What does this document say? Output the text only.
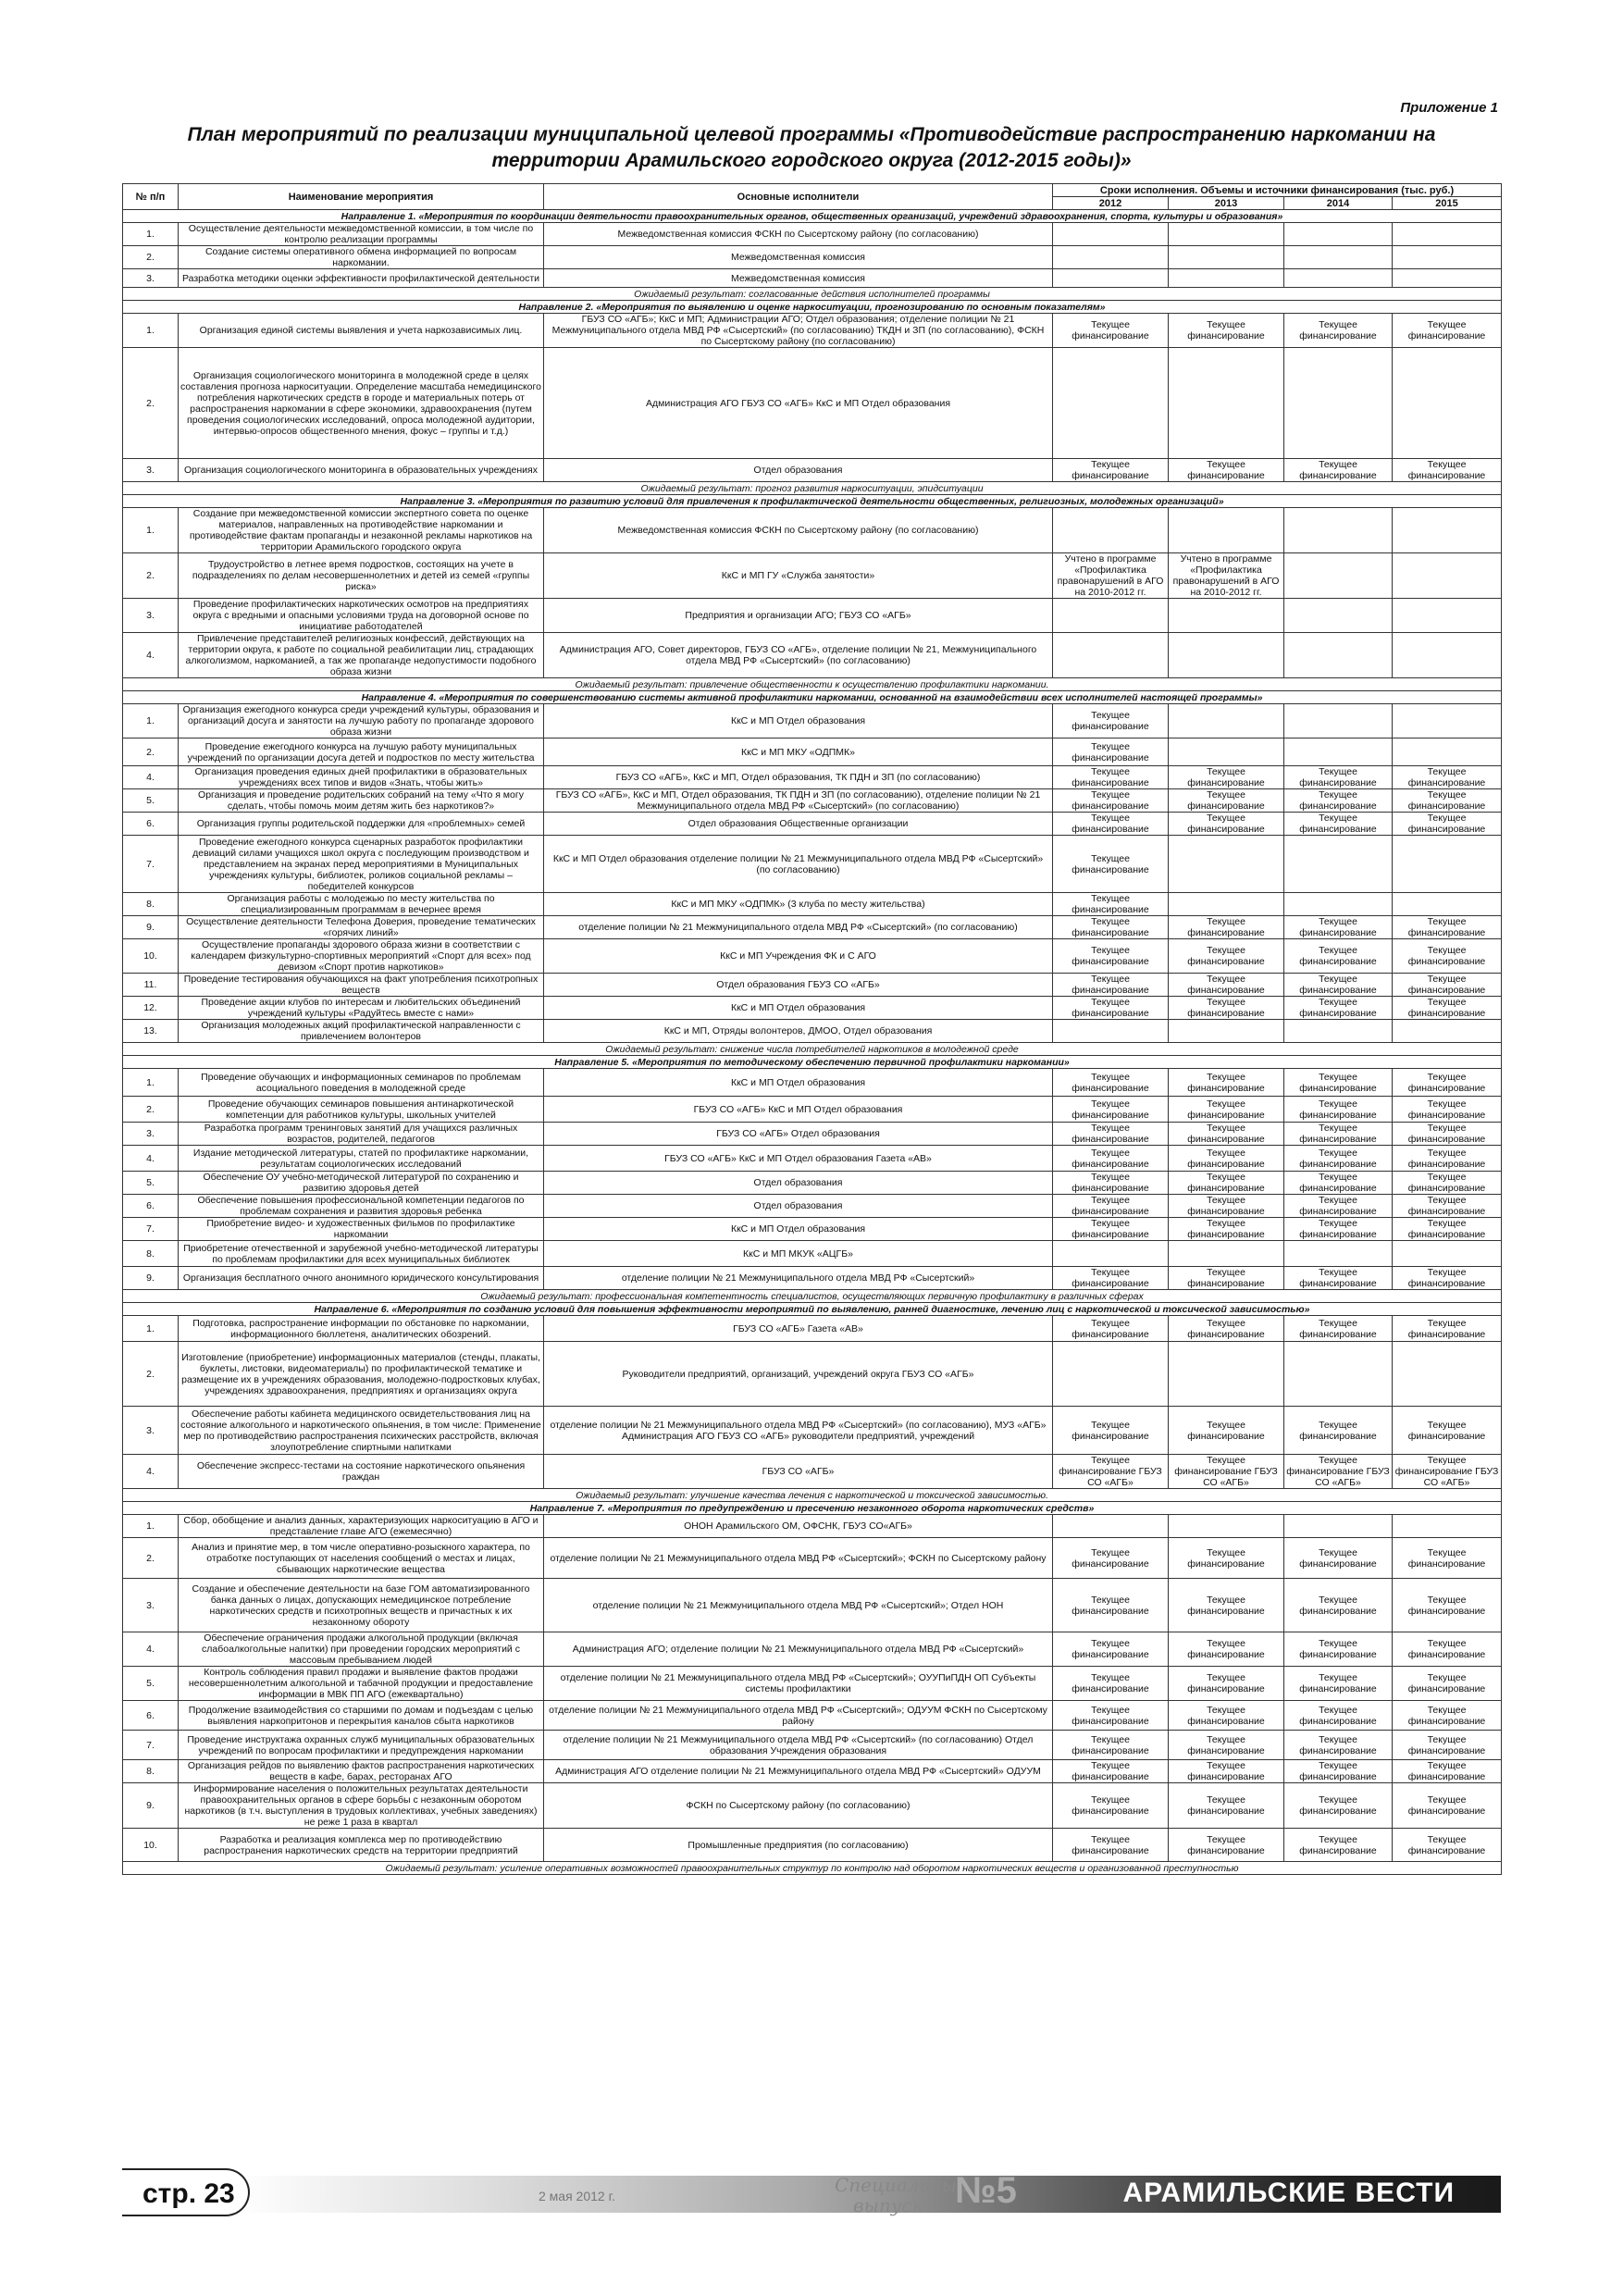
Приложение 1
План мероприятий по реализации муниципальной целевой программы «Противодействие распространению наркомании на территории Арамильского городского округа (2012-2015 годы)»
№ п/п	Наименование мероприятия	Основные исполнители	Сроки исполнения. Объемы и источники финансирования (тыс. руб.)			
			2012	2013	2014	2015
Направление 1. «Мероприятия по координации деятельности правоохранительных органов, общественных организаций, учреждений здравоохранения, спорта, культуры и образования»						
1.	Осуществление деятельности межведомственной комиссии, в том числе по контролю реализации программы	Межведомственная комиссия ФСКН по Сысертскому району (по согласованию)				
2.	Создание системы оперативного обмена информацией по вопросам наркомании.	Межведомственная комиссия				
3.	Разработка методики оценки эффективности профилактической деятельности	Межведомственная комиссия				
Ожидаемый результат: согласованные действия исполнителей программы						
Направление 2. «Мероприятия по выявлению и оценке наркоситуации, прогнозированию по основным показателям»						
1.	Организация единой системы выявления и учета наркозависимых лиц.	ГБУЗ СО «АГБ»; КкС и МП; Администрации АГО; Отдел образования; отделение полиции № 21 Межмуниципального отдела МВД РФ «Сысертский» (по согласованию) ТКДН и ЗП (по согласованию), ФСКН по Сысертскому району (по согласованию)	Текущее финансирование	Текущее финансирование	Текущее финансирование	Текущее финансирование
2.	Организация социологического мониторинга в молодежной среде в целях составления прогноза наркоситуации. Определение масштаба немедицинского потребления наркотических средств в городе и материальных потерь от распространения наркомании в сфере экономики, здравоохранения (путем проведения социологических исследований, опроса молодежной аудитории, интервью-опросов общественного мнения, фокус – группы и т.д.)	Администрация АГО ГБУЗ СО «АГБ» КкС и МП Отдел образования				
3.	Организация социологического мониторинга в образовательных учреждениях	Отдел образования	Текущее финансирование	Текущее финансирование	Текущее финансирование	Текущее финансирование
Ожидаемый результат: прогноз развития наркоситуации, эпидситуации						
Направление 3. «Мероприятия по развитию условий для привлечения к профилактической деятельности общественных, религиозных, молодежных организаций»						
1.	Создание при межведомственной комиссии экспертного совета по оценке материалов, направленных на противодействие наркомании и противодействие фактам пропаганды и незаконной рекламы наркотиков на территории Арамильского городского округа	Межведомственная комиссия ФСКН по Сысертскому району (по согласованию)				
2.	Трудоустройство в летнее время подростков, состоящих на учете в подразделениях по делам несовершеннолетних и детей из семей «группы риска»	КкС и МП ГУ «Служба занятости»	Учтено в программе «Профилактика правонарушений в АГО на 2010-2012 гг.	Учтено в программе «Профилактика правонарушений в АГО на 2010-2012 гг.		
3.	Проведение профилактических наркотических осмотров на предприятиях округа с вредными и опасными условиями труда на договорной основе по инициативе работодателей	Предприятия и организации АГО; ГБУЗ СО «АГБ»				
4.	Привлечение представителей религиозных конфессий, действующих на территории округа, к работе по социальной реабилитации лиц, страдающих алкоголизмом, наркоманией, а так же пропаганде недопустимости подобного образа жизни	Администрация АГО, Совет директоров, ГБУЗ СО «АГБ», отделение полиции № 21, Межмуниципального отдела МВД РФ «Сысертский» (по согласованию)				
Ожидаемый результат: привлечение общественности к осуществлению профилактики наркомании.						
Направление 4. «Мероприятия по совершенствованию системы активной профилактики наркомании, основанной на взаимодействии всех исполнителей настоящей программы»						
1.	Организация ежегодного конкурса среди учреждений культуры, образования и организаций досуга и занятости на лучшую работу по пропаганде здорового образа жизни	КкС и МП Отдел образования	Текущее финансирование			
2.	Проведение ежегодного конкурса на лучшую работу муниципальных учреждений по организации досуга детей и подростков по месту жительства	КкС и МП МКУ «ОДПМК»	Текущее финансирование			
4.	Организация проведения единых дней профилактики в образовательных учреждениях всех типов и видов «Знать, чтобы жить»	ГБУЗ СО «АГБ», КкС и МП, Отдел образования, ТК ПДН и ЗП (по согласованию)	Текущее финансирование	Текущее финансирование	Текущее финансирование	Текущее финансирование
5.	Организация и проведение родительских собраний на тему «Что я могу сделать, чтобы помочь моим детям жить без наркотиков?»	ГБУЗ СО «АГБ», КкС и МП, Отдел образования, ТК ПДН и ЗП (по согласованию), отделение полиции № 21 Межмуниципального отдела МВД РФ «Сысертский» (по согласованию)	Текущее финансирование	Текущее финансирование	Текущее финансирование	Текущее финансирование
6.	Организация группы родительской поддержки для «проблемных» семей	Отдел образования Общественные организации	Текущее финансирование	Текущее финансирование	Текущее финансирование	Текущее финансирование
7.	Проведение ежегодного конкурса сценарных разработок профилактики девиаций силами учащихся школ округа с последующим производством и представлением на экранах перед мероприятиями в Муниципальных учреждениях культуры, библиотек, роликов социальной рекламы – победителей конкурсов	КкС и МП Отдел образования отделение полиции № 21 Межмуниципального отдела МВД РФ «Сысертский» (по согласованию)	Текущее финансирование			
8.	Организация работы с молодежью по месту жительства по специализированным программам в вечернее время	КкС и МП МКУ «ОДПМК» (3 клуба по месту жительства)	Текущее финансирование			
9.	Осуществление деятельности Телефона Доверия, проведение тематических «горячих линий»	отделение полиции № 21 Межмуниципального отдела МВД РФ «Сысертский» (по согласованию)	Текущее финансирование	Текущее финансирование	Текущее финансирование	Текущее финансирование
10.	Осуществление пропаганды здорового образа жизни в соответствии с календарем физкультурно-спортивных мероприятий «Спорт для всех» под девизом «Спорт против наркотиков»	КкС и МП Учреждения ФК и С АГО	Текущее финансирование	Текущее финансирование	Текущее финансирование	Текущее финансирование
11.	Проведение тестирования обучающихся на факт употребления психотропных веществ	Отдел образования ГБУЗ СО «АГБ»	Текущее финансирование	Текущее финансирование	Текущее финансирование	Текущее финансирование
12.	Проведение акции клубов по интересам и любительских объединений учреждений культуры «Радуйтесь вместе с нами»	КкС и МП Отдел образования	Текущее финансирование	Текущее финансирование	Текущее финансирование	Текущее финансирование
13.	Организация молодежных акций профилактической направленности с привлечением волонтеров	КкС и МП, Отряды волонтеров, ДМОО, Отдел образования				
Ожидаемый результат: снижение числа потребителей наркотиков в молодежной среде						
Направление 5. «Мероприятия по методическому обеспечению первичной профилактики наркомании»						
1.	Проведение обучающих и информационных семинаров по проблемам асоциального поведения в молодежной среде	КкС и МП Отдел образования	Текущее финансирование	Текущее финансирование	Текущее финансирование	Текущее финансирование
2.	Проведение обучающих семинаров повышения антинаркотической компетенции для работников культуры, школьных учителей	ГБУЗ СО «АГБ» КкС и МП Отдел образования	Текущее финансирование	Текущее финансирование	Текущее финансирование	Текущее финансирование
3.	Разработка программ тренинговых занятий для учащихся различных возрастов, родителей, педагогов	ГБУЗ СО «АГБ» Отдел образования	Текущее финансирование	Текущее финансирование	Текущее финансирование	Текущее финансирование
4.	Издание методической литературы, статей по профилактике наркомании, результатам социологических исследований	ГБУЗ СО «АГБ» КкС и МП Отдел образования Газета «АВ»	Текущее финансирование	Текущее финансирование	Текущее финансирование	Текущее финансирование
5.	Обеспечение ОУ учебно-методической литературой по сохранению и развитию здоровья детей	Отдел образования	Текущее финансирование	Текущее финансирование	Текущее финансирование	Текущее финансирование
6.	Обеспечение повышения профессиональной компетенции педагогов по проблемам сохранения и развития здоровья ребенка	Отдел образования	Текущее финансирование	Текущее финансирование	Текущее финансирование	Текущее финансирование
7.	Приобретение видео- и художественных фильмов по профилактике наркомании	КкС и МП Отдел образования	Текущее финансирование	Текущее финансирование	Текущее финансирование	Текущее финансирование
8.	Приобретение отечественной и зарубежной учебно-методической литературы по проблемам профилактики для всех муниципальных библиотек	КкС и МП МКУК «АЦГБ»				
9.	Организация бесплатного очного анонимного юридического консультирования	отделение полиции № 21 Межмуниципального отдела МВД РФ «Сысертский»	Текущее финансирование	Текущее финансирование	Текущее финансирование	Текущее финансирование
Ожидаемый результат: профессиональная компетентность специалистов, осуществляющих первичную профилактику в различных сферах						
Направление 6. «Мероприятия по созданию условий для повышения эффективности мероприятий по выявлению, ранней диагностике, лечению лиц с наркотической и токсической зависимостью»						
1.	Подготовка, распространение информации по обстановке по наркомании, информационного бюллетеня, аналитических обозрений.	ГБУЗ СО «АГБ» Газета «АВ»	Текущее финансирование	Текущее финансирование	Текущее финансирование	Текущее финансирование
2.	Изготовление (приобретение) информационных материалов (стенды, плакаты, буклеты, листовки, видеоматериалы) по профилактической тематике и размещение их в учреждениях образования, молодежно-подростковых клубах, учреждениях здравоохранения, предприятиях и организациях округа	Руководители предприятий, организаций, учреждений округа ГБУЗ СО «АГБ»				
3.	Обеспечение работы кабинета медицинского освидетельствования лиц на состояние алкогольного и наркотического опьянения, в том числе: Применение мер по противодействию распространения психических расстройств, включая злоупотребление спиртными напитками	отделение полиции № 21 Межмуниципального отдела МВД РФ «Сысертский» (по согласованию), МУЗ «АГБ» Администрация АГО ГБУЗ СО «АГБ» руководители предприятий, учреждений	Текущее финансирование	Текущее финансирование	Текущее финансирование	Текущее финансирование
4.	Обеспечение экспресс-тестами на состояние наркотического опьянения граждан	ГБУЗ СО «АГБ»	Текущее финансирование ГБУЗ СО «АГБ»	Текущее финансирование ГБУЗ СО «АГБ»	Текущее финансирование ГБУЗ СО «АГБ»	Текущее финансирование ГБУЗ СО «АГБ»
Ожидаемый результат: улучшение качества лечения с наркотической и токсической зависимостью.						
Направление 7. «Мероприятия по предупреждению и пресечению незаконного оборота наркотических средств»						
1.	Сбор, обобщение и анализ данных, характеризующих наркоситуацию в АГО и представление главе АГО (ежемесячно)	ОНОН Арамильского ОМ, ОФСНК, ГБУЗ СО«АГБ»				
2.	Анализ и принятие мер, в том числе оперативно-розыскного характера, по отработке поступающих от населения сообщений о местах и лицах, сбывающих наркотические вещества	отделение полиции № 21 Межмуниципального отдела МВД РФ «Сысертский»; ФСКН по Сысертскому району	Текущее финансирование	Текущее финансирование	Текущее финансирование	Текущее финансирование
3.	Создание и обеспечение деятельности на базе ГОМ автоматизированного банка данных о лицах, допускающих немедицинское потребление наркотических средств и психотропных веществ и причастных к их незаконному обороту	отделение полиции № 21 Межмуниципального отдела МВД РФ «Сысертский»; Отдел НОН	Текущее финансирование	Текущее финансирование	Текущее финансирование	Текущее финансирование
4.	Обеспечение ограничения продажи алкогольной продукции (включая слабоалкогольные напитки) при проведении городских мероприятий с массовым пребыванием людей	Администрация АГО; отделение полиции № 21 Межмуниципального отдела МВД РФ «Сысертский»	Текущее финансирование	Текущее финансирование	Текущее финансирование	Текущее финансирование
5.	Контроль соблюдения правил продажи и выявление фактов продажи несовершеннолетним алкогольной и табачной продукции и предоставление информации в МВК ПП АГО (ежеквартально)	отделение полиции № 21 Межмуниципального отдела МВД РФ «Сысертский»; ОУУПиПДН ОП Субъекты системы профилактики	Текущее финансирование	Текущее финансирование	Текущее финансирование	Текущее финансирование
6.	Продолжение взаимодействия со старшими по домам и подъездам с целью выявления наркопритонов и перекрытия каналов сбыта наркотиков	отделение полиции № 21 Межмуниципального отдела МВД РФ «Сысертский»; ОДУУМ ФСКН по Сысертскому району	Текущее финансирование	Текущее финансирование	Текущее финансирование	Текущее финансирование
7.	Проведение инструктажа охранных служб муниципальных образовательных учреждений по вопросам профилактики и предупреждения наркомании	отделение полиции № 21 Межмуниципального отдела МВД РФ «Сысертский» (по согласованию) Отдел образования Учреждения образования	Текущее финансирование	Текущее финансирование	Текущее финансирование	Текущее финансирование
8.	Организация рейдов по выявлению фактов распространения наркотических веществ в кафе, барах, ресторанах АГО	Администрация АГО отделение полиции № 21 Межмуниципального отдела МВД РФ «Сысертский» ОДУУМ	Текущее финансирование	Текущее финансирование	Текущее финансирование	Текущее финансирование
9.	Информирование населения о положительных результатах деятельности правоохранительных органов в сфере борьбы с незаконным оборотом наркотиков (в т.ч. выступления в трудовых коллективах, учебных заведениях) не реже 1 раза в квартал	ФСКН по Сысертскому району (по согласованию)	Текущее финансирование	Текущее финансирование	Текущее финансирование	Текущее финансирование
10.	Разработка и реализация комплекса мер по противодействию распространения наркотических средств на территории предприятий	Промышленные предприятия (по согласованию)	Текущее финансирование	Текущее финансирование	Текущее финансирование	Текущее финансирование
Ожидаемый результат: усиление оперативных возможностей правоохранительных структур по контролю над оборотом наркотических веществ и организованной преступностью						
стр. 23	2 мая 2012 г.	Специальный
выпуск №5	АРАМИЛЬСКИЕ ВЕСТИ
